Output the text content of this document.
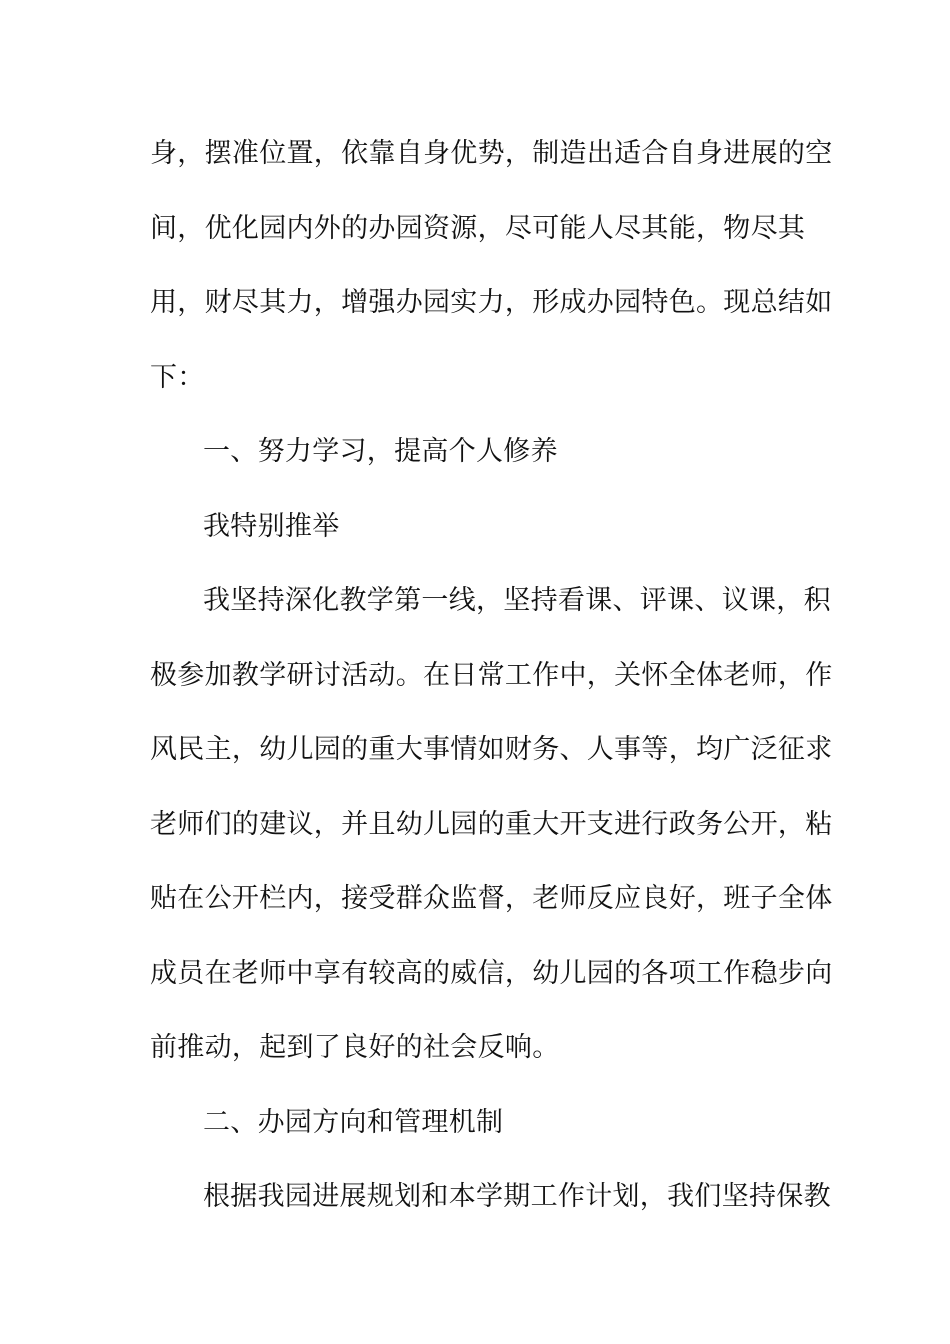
身，摆准位置，依靠自身优势，制造出适合自身进展的空

间，优化园内外的办园资源，尽可能人尽其能，物尽其

用，财尽其力，增强办园实力，形成办园特色。现总结如

下：

一、努力学习，提高个人修养

我特别推举

我坚持深化教学第一线，坚持看课、评课、议课，积

极参加教学研讨活动。在日常工作中，关怀全体老师，作

风民主，幼儿园的重大事情如财务、人事等，均广泛征求

老师们的建议，并且幼儿园的重大开支进行政务公开，粘

贴在公开栏内，接受群众监督，老师反应良好，班子全体

成员在老师中享有较高的威信，幼儿园的各项工作稳步向

前推动，起到了良好的社会反响。

二、办园方向和管理机制

根据我园进展规划和本学期工作计划，我们坚持保教
